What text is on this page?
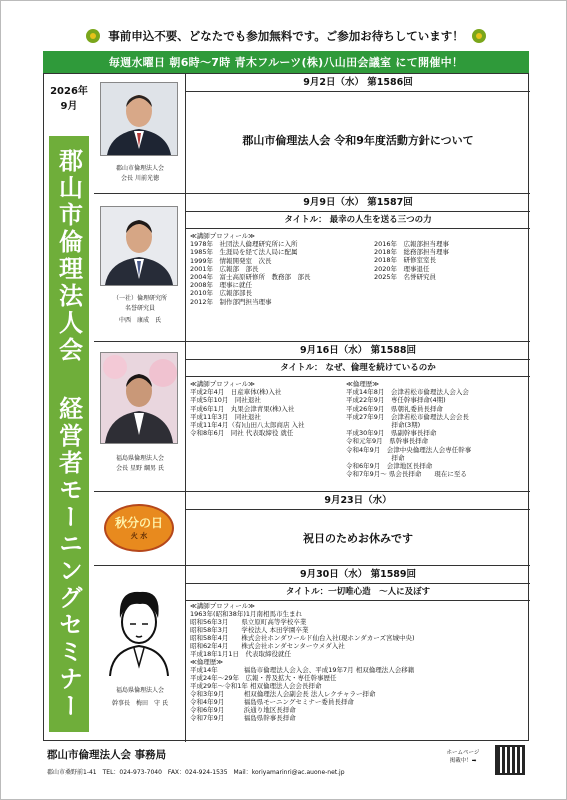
事前申込不要、どなたでも参加無料です。ご参加お待ちしています！
毎週水曜日 朝6時～7時 青木フルーツ(株)八山田会議室 にて開催中！
2026年
9月
郡山市倫理法人会 経営者モーニングセミナー	郡山市倫理法人会
会長 川前光徳
9月2日（水） 第1586回
郡山市倫理法人会 令和9年度活動方針について
（一社）倫理研究所
名誉研究員
中西　康成　氏
9月9日（水） 第1587回
タイトル： 最幸の人生を送る三つの力
≪講師プロフィール≫
1978年　社団法人倫理研究所に入所
1985年　生涯局を経て法人局に配属
1999年　情報開発室　次長
2001年　広報部　部長
2004年　富士高原研修所　教務部　部長
2008年　理事に就任
2010年　広報部部長
2012年　制作部門担当理事
2016年　広報部担当理事
2018年　総務部担当理事
2018年　研修室室長
2020年　理事退任
2025年　名誉研究員
福島県倫理法人会
会長 星野 綱男 氏
9月16日（水） 第1588回
タイトル： なぜ、倫理を続けているのか
≪講師プロフィール≫
平成2年4月　日産車体(株)入社
平成5年10月　同社退社
平成6年1月　丸果会津青果(株)入社
平成11年3月　同社退社
平成11年4月（有)山田八太郎商店 入社
令和8年6月　同社 代表取締役 就任
≪倫理歴≫
平成14年8月　会津若松市倫理法人会入会
平成22年9月　専任幹事拝命(4期)
平成26年9月　県朝礼委員長拝命
平成27年9月　会津若松市倫理法人会会長
　　　　　　　拝命(3期)
平成30年9月　県副幹事長拝命
令和元年9月　県幹事長拝命
令和4年9月　会津中央倫理法人会専任幹事
　　　　　　　拝命
令和6年9月　会津地区長拝命
令和7年9月～ 県会長拝命　　現在に至る
秋分の日
火 水
9月23日（水）
祝日のためお休みです
福島県倫理法人会
幹事長　梅田　守 氏
9月30日（水） 第1589回
タイトル：一切唯心造　～人に及ぼす
≪講師プロフィール≫
1963年(昭和38年)1月南相馬市生まれ
昭和56年3月　　県立原町高等学校卒業
昭和58年3月　　学校法人 本田学園卒業
昭和58年4月　　株式会社ホンダワールド仙台入社(現ホンダカーズ宮城中央)
昭和62年4月　　株式会社ホンダセンターウメダ入社
平成18年1月1日　代表取締役就任
≪倫理歴≫
平成14年　　　　福島市倫理法人会入会、平成19年7月 相双倫理法人会移籍
平成24年～29年　広報・普及拡大・専任幹事歴任
平成29年～令和1年 相双倫理法人会会長拝命
令和3年9月　　　相双倫理法人会副会長 法人レクチャラー拝命
令和4年9月　　　福島県モーニングセミナー委員長拝命
令和6年9月　　　浜通り地区長拝命
令和7年9月　　　福島県幹事長拝命
郡山市倫理法人会 事務局
郡山市桑野前1-41　TEL：024-973-7040　FAX：024-924-1535　Mail：koriyamarinri@ac.auone-net.jp
ホームページ
掲載中！➡
